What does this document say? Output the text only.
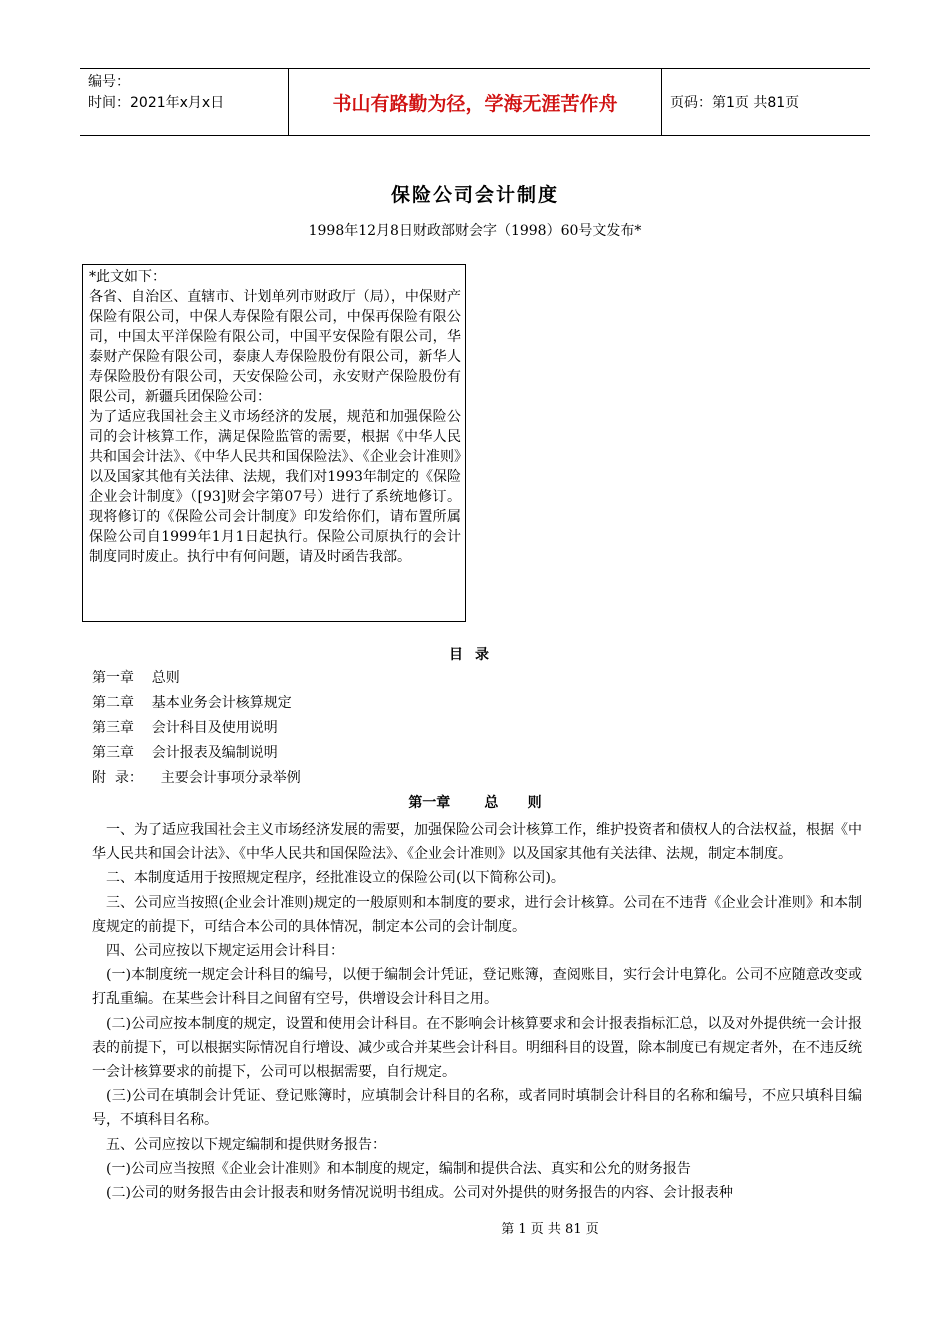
编号：
时间：2021年x月x日	书山有路勤为径，学海无涯苦作舟	页码：第1页 共81页
保险公司会计制度
1998年12月8日财政部财会字（1998）60号文发布*

*此文如下：

各省、自治区、直辖市、计划单列市财政厅（局），中保财产保险有限公司，中保人寿保险有限公司，中保再保险有限公司，中国太平洋保险有限公司，中国平安保险有限公司，华泰财产保险有限公司，泰康人寿保险股份有限公司，新华人寿保险股份有限公司，天安保险公司，永安财产保险股份有限公司，新疆兵团保险公司：

为了适应我国社会主义市场经济的发展，规范和加强保险公司的会计核算工作，满足保险监管的需要，根据《中华人民共和国会计法》、《中华人民共和国保险法》、《企业会计准则》以及国家其他有关法律、法规，我们对1993年制定的《保险企业会计制度》（[93]财会字第07号）进行了系统地修订。现将修订的《保险公司会计制度》印发给你们，请布置所属保险公司自1999年1月1日起执行。保险公司原执行的会计制度同时废止。执行中有何问题，请及时函告我部。

目录
第一章    总则
第二章    基本业务会计核算规定
第三章    会计科目及使用说明
第三章    会计报表及编制说明
附  录：    主要会计事项分录举例
第一章       总      则

一、为了适应我国社会主义市场经济发展的需要，加强保险公司会计核算工作，维护投资者和债权人的合法权益，根据《中华人民共和国会计法》、《中华人民共和国保险法》、《企业会计准则》以及国家其他有关法律、法规，制定本制度。

二、本制度适用于按照规定程序，经批准设立的保险公司(以下简称公司)。

三、公司应当按照(企业会计准则)规定的一般原则和本制度的要求，进行会计核算。公司在不违背《企业会计准则》和本制度规定的前提下，可结合本公司的具体情况，制定本公司的会计制度。

四、公司应按以下规定运用会计科目：

(一)本制度统一规定会计科目的编号，以便于编制会计凭证，登记账簿，查阅账目，实行会计电算化。公司不应随意改变或打乱重编。在某些会计科目之间留有空号，供增设会计科目之用。

(二)公司应按本制度的规定，设置和使用会计科目。在不影响会计核算要求和会计报表指标汇总，以及对外提供统一会计报表的前提下，可以根据实际情况自行增设、减少或合并某些会计科目。明细科目的设置，除本制度已有规定者外，在不违反统一会计核算要求的前提下，公司可以根据需要，自行规定。

(三)公司在填制会计凭证、登记账簿时，应填制会计科目的名称，或者同时填制会计科目的名称和编号，不应只填科目编号，不填科目名称。

五、公司应按以下规定编制和提供财务报告：

(一)公司应当按照《企业会计准则》和本制度的规定，编制和提供合法、真实和公允的财务报告

(二)公司的财务报告由会计报表和财务情况说明书组成。公司对外提供的财务报告的内容、会计报表种

第 1 页 共 81 页
